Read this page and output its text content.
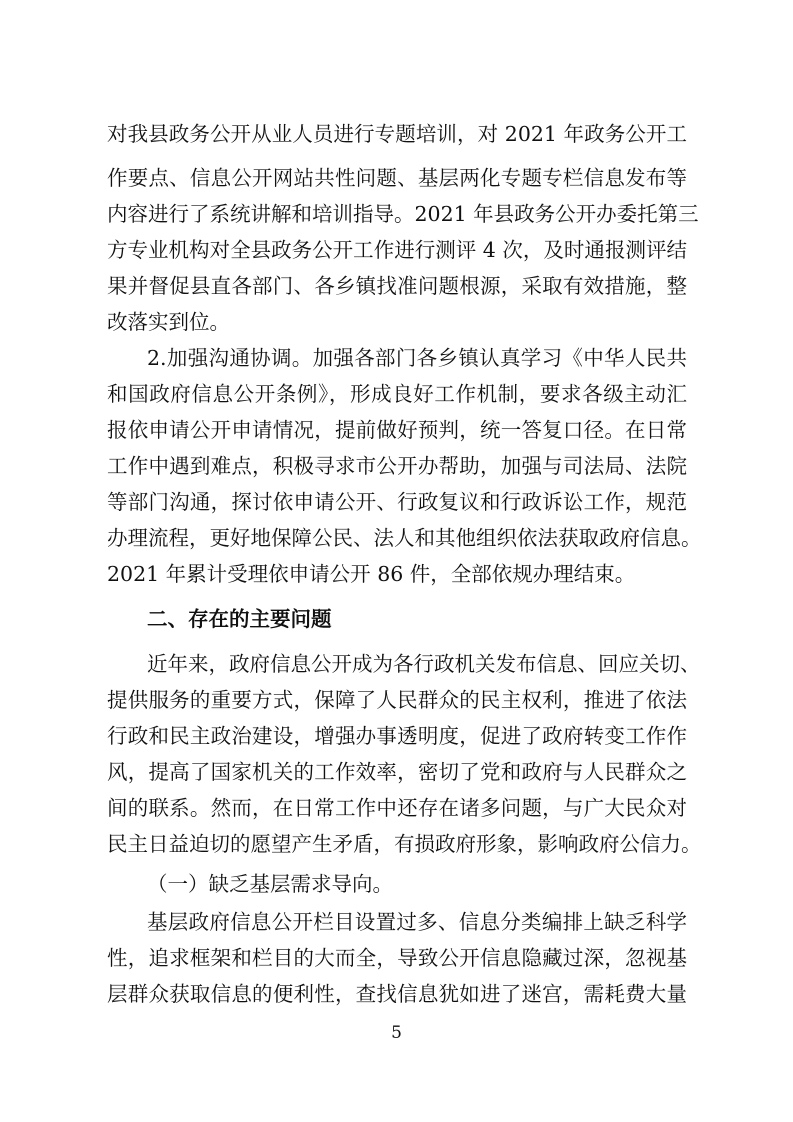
对我县政务公开从业人员进行专题培训，对 2021 年政务公开工
作要点、信息公开网站共性问题、基层两化专题专栏信息发布等
内容进行了系统讲解和培训指导。2021 年县政务公开办委托第三
方专业机构对全县政务公开工作进行测评 4 次，及时通报测评结
果并督促县直各部门、各乡镇找准问题根源，采取有效措施，整
改落实到位。
2.加强沟通协调。加强各部门各乡镇认真学习《中华人民共
和国政府信息公开条例》，形成良好工作机制，要求各级主动汇
报依申请公开申请情况，提前做好预判，统一答复口径。在日常
工作中遇到难点，积极寻求市公开办帮助，加强与司法局、法院
等部门沟通，探讨依申请公开、行政复议和行政诉讼工作，规范
办理流程，更好地保障公民、法人和其他组织依法获取政府信息。
2021 年累计受理依申请公开 86 件，全部依规办理结束。
二、存在的主要问题
近年来，政府信息公开成为各行政机关发布信息、回应关切、
提供服务的重要方式，保障了人民群众的民主权利，推进了依法
行政和民主政治建设，增强办事透明度，促进了政府转变工作作
风，提高了国家机关的工作效率，密切了党和政府与人民群众之
间的联系。然而，在日常工作中还存在诸多问题，与广大民众对
民主日益迫切的愿望产生矛盾，有损政府形象，影响政府公信力。
（一）缺乏基层需求导向。
基层政府信息公开栏目设置过多、信息分类编排上缺乏科学
性，追求框架和栏目的大而全，导致公开信息隐藏过深，忽视基
层群众获取信息的便利性，查找信息犹如进了迷宫，需耗费大量
5
